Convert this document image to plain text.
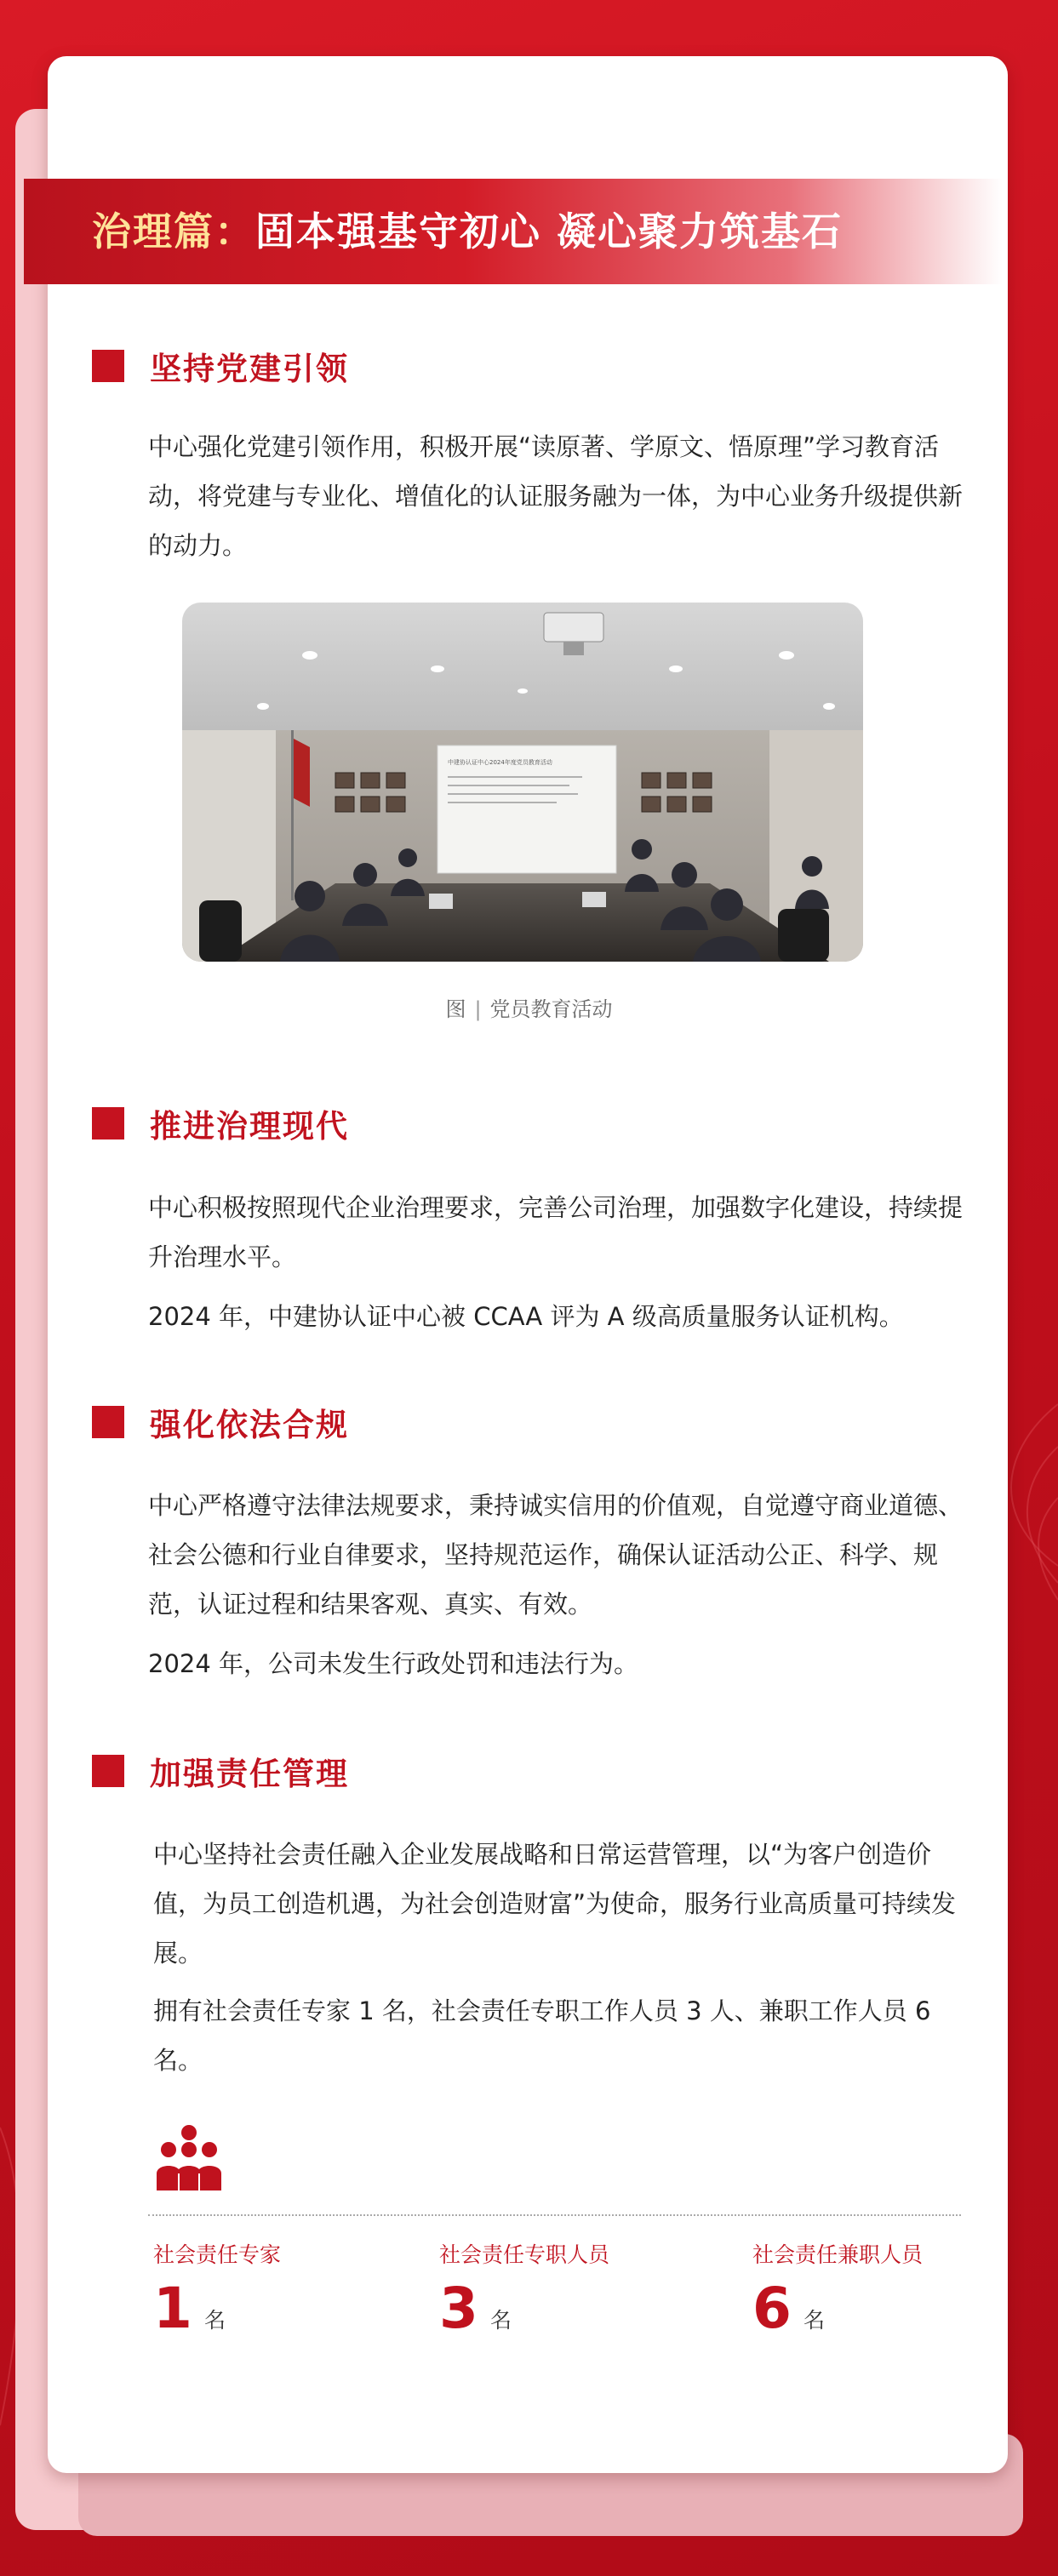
治理篇：固本强基守初心 凝心聚力筑基石
坚持党建引领

中心强化党建引领作用，积极开展“读原著、学原文、悟原理”学习教育活动，将党建与专业化、增值化的认证服务融为一体，为中心业务升级提供新的动力。

中建协认证中心2024年度党员教育活动
图 | 党员教育活动
推进治理现代

中心积极按照现代企业治理要求，完善公司治理，加强数字化建设，持续提升治理水平。

2024 年，中建协认证中心被 CCAA 评为 A 级高质量服务认证机构。

强化依法合规

中心严格遵守法律法规要求，秉持诚实信用的价值观，自觉遵守商业道德、社会公德和行业自律要求，坚持规范运作，确保认证活动公正、科学、规范，认证过程和结果客观、真实、有效。

2024 年，公司未发生行政处罚和违法行为。

加强责任管理

中心坚持社会责任融入企业发展战略和日常运营管理，以“为客户创造价值，为员工创造机遇，为社会创造财富”为使命，服务行业高质量可持续发展。

拥有社会责任专家 1 名，社会责任专职工作人员 3 人、兼职工作人员 6 名。

社会责任专家
1 名
社会责任专职人员
3 名
社会责任兼职人员
6 名
